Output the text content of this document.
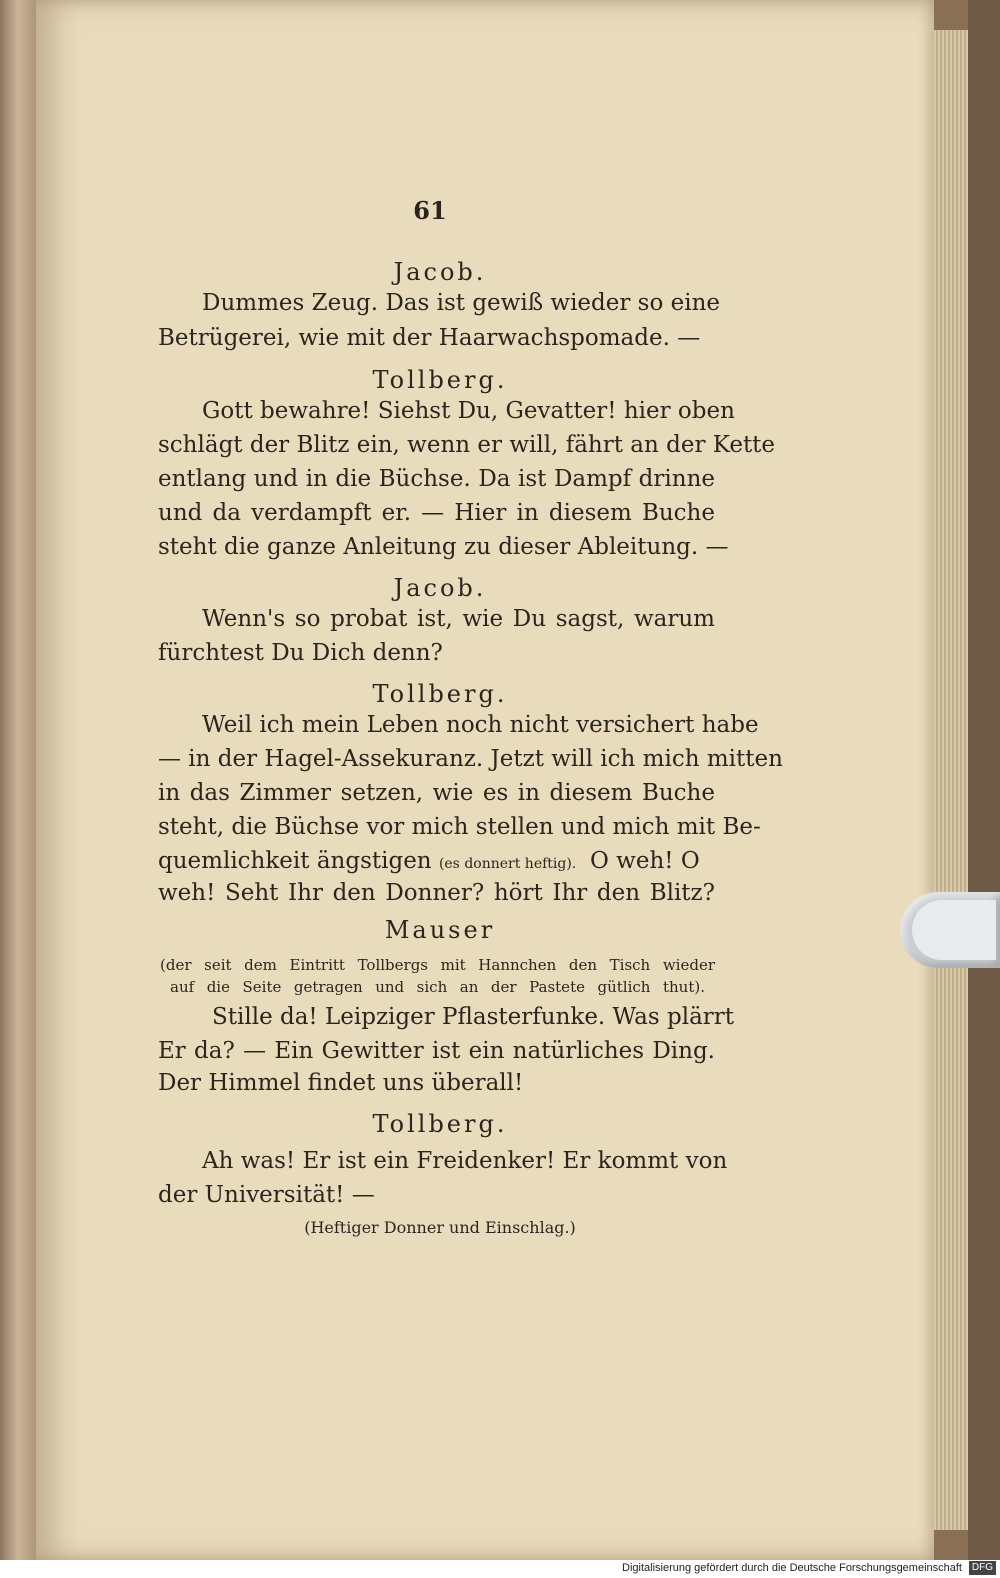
61
Jacob.
Dummes Zeug. Das ist gewiß wieder so eine
Betrügerei, wie mit der Haarwachspomade. —
Tollberg.
Gott bewahre! Siehst Du, Gevatter! hier oben
schlägt der Blitz ein, wenn er will, fährt an der Kette
entlang und in die Büchse. Da ist Dampf drinne
und da verdampft er. — Hier in diesem Buche
steht die ganze Anleitung zu dieser Ableitung. —
Jacob.
Wenn's so probat ist, wie Du sagst, warum
fürchtest Du Dich denn?
Tollberg.
Weil ich mein Leben noch nicht versichert habe
— in der Hagel-Assekuranz. Jetzt will ich mich mitten
in das Zimmer setzen, wie es in diesem Buche
steht, die Büchse vor mich stellen und mich mit Be-
quemlichkeit ängstigen (es donnert heftig). O weh! O
weh! Seht Ihr den Donner? hört Ihr den Blitz?
Mauser
(der seit dem Eintritt Tollbergs mit Hannchen den Tisch wieder
auf die Seite getragen und sich an der Pastete gütlich thut).
Stille da! Leipziger Pflasterfunke. Was plärrt
Er da? — Ein Gewitter ist ein natürliches Ding.
Der Himmel findet uns überall!
Tollberg.
Ah was! Er ist ein Freidenker! Er kommt von
der Universität! —
(Heftiger Donner und Einschlag.)
Digitalisierung gefördert durch die Deutsche Forschungsgemeinschaft DFG
